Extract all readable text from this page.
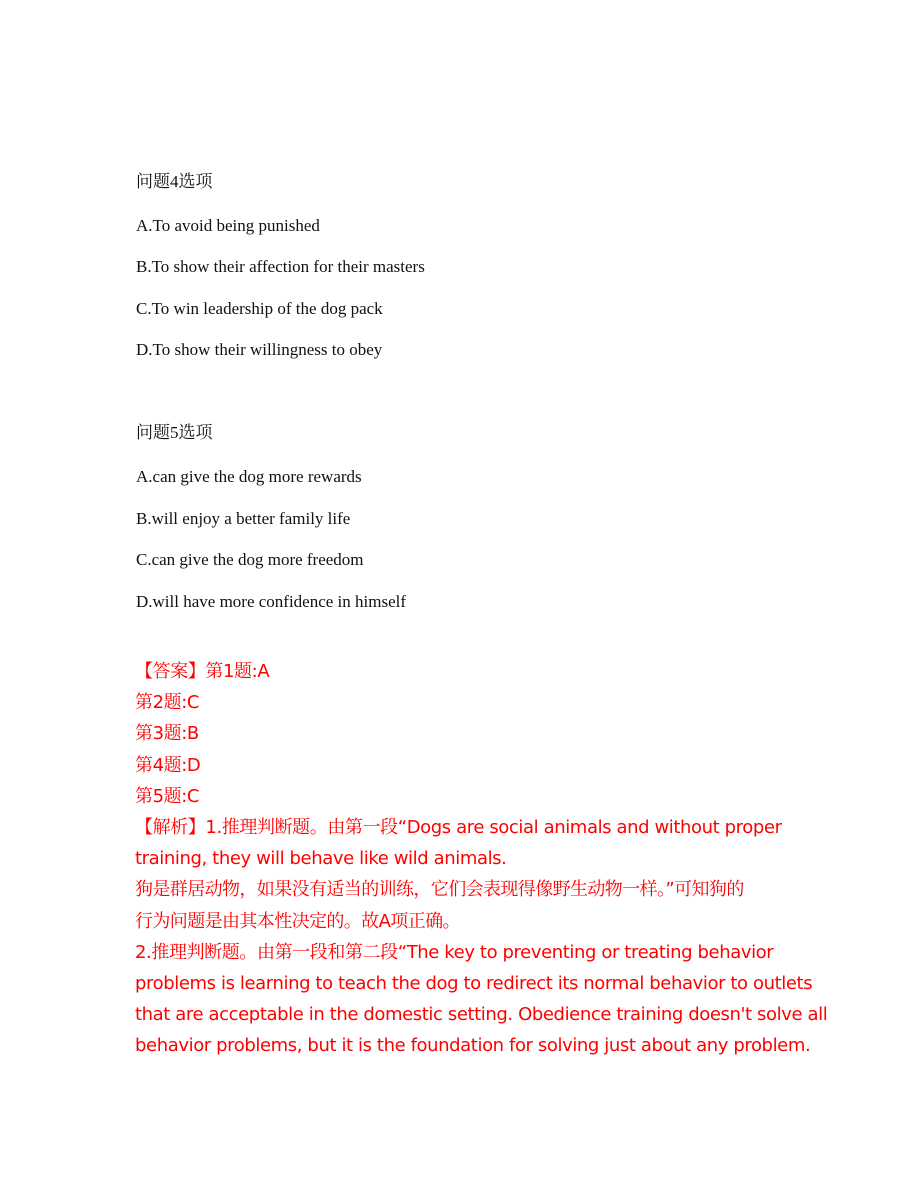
问题4选项
A.To avoid being punished
B.To show their affection for their masters
C.To win leadership of the dog pack
D.To show their willingness to obey
问题5选项
A.can give the dog more rewards
B.will enjoy a better family life
C.can give the dog more freedom
D.will have more confidence in himself
【答案】第1题:A
第2题:C
第3题:B
第4题:D
第5题:C
【解析】1.推理判断题。由第一段“Dogs are social animals and without proper
training, they will behave like wild animals.
狗是群居动物，如果没有适当的训练，它们会表现得像野生动物一样。”可知狗的
行为问题是由其本性决定的。故A项正确。
2.推理判断题。由第一段和第二段“The key to preventing or treating behavior
problems is learning to teach the dog to redirect its normal behavior to outlets
that are acceptable in the domestic setting. Obedience training doesn't solve all
behavior problems, but it is the foundation for solving just about any problem.
